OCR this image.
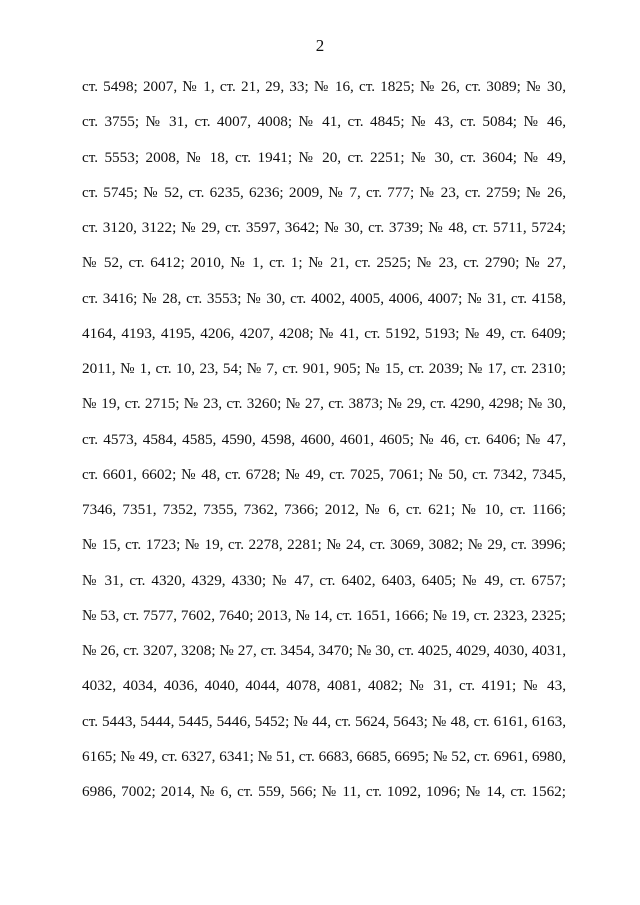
2
ст. 5498; 2007, № 1, ст. 21, 29, 33; № 16, ст. 1825; № 26, ст. 3089; № 30,
ст. 3755; № 31, ст. 4007, 4008; № 41, ст. 4845; № 43, ст. 5084; № 46,
ст. 5553; 2008, № 18, ст. 1941; № 20, ст. 2251; № 30, ст. 3604; № 49,
ст. 5745; № 52, ст. 6235, 6236; 2009, № 7, ст. 777; № 23, ст. 2759; № 26,
ст. 3120, 3122; № 29, ст. 3597, 3642; № 30, ст. 3739; № 48, ст. 5711, 5724;
№ 52, ст. 6412; 2010, № 1, ст. 1; № 21, ст. 2525; № 23, ст. 2790; № 27,
ст. 3416; № 28, ст. 3553; № 30, ст. 4002, 4005, 4006, 4007; № 31, ст. 4158,
4164, 4193, 4195, 4206, 4207, 4208; № 41, ст. 5192, 5193; № 49, ст. 6409;
2011, № 1, ст. 10, 23, 54; № 7, ст. 901, 905; № 15, ст. 2039; № 17, ст. 2310;
№ 19, ст. 2715; № 23, ст. 3260; № 27, ст. 3873; № 29, ст. 4290, 4298; № 30,
ст. 4573, 4584, 4585, 4590, 4598, 4600, 4601, 4605; № 46, ст. 6406; № 47,
ст. 6601, 6602; № 48, ст. 6728; № 49, ст. 7025, 7061; № 50, ст. 7342, 7345,
7346, 7351, 7352, 7355, 7362, 7366; 2012, № 6, ст. 621; № 10, ст. 1166;
№ 15, ст. 1723; № 19, ст. 2278, 2281; № 24, ст. 3069, 3082; № 29, ст. 3996;
№ 31, ст. 4320, 4329, 4330; № 47, ст. 6402, 6403, 6405; № 49, ст. 6757;
№ 53, ст. 7577, 7602, 7640; 2013, № 14, ст. 1651, 1666; № 19, ст. 2323, 2325;
№ 26, ст. 3207, 3208; № 27, ст. 3454, 3470; № 30, ст. 4025, 4029, 4030, 4031,
4032, 4034, 4036, 4040, 4044, 4078, 4081, 4082; № 31, ст. 4191; № 43,
ст. 5443, 5444, 5445, 5446, 5452; № 44, ст. 5624, 5643; № 48, ст. 6161, 6163,
6165; № 49, ст. 6327, 6341; № 51, ст. 6683, 6685, 6695; № 52, ст. 6961, 6980,
6986, 7002; 2014, № 6, ст. 559, 566; № 11, ст. 1092, 1096; № 14, ст. 1562;
